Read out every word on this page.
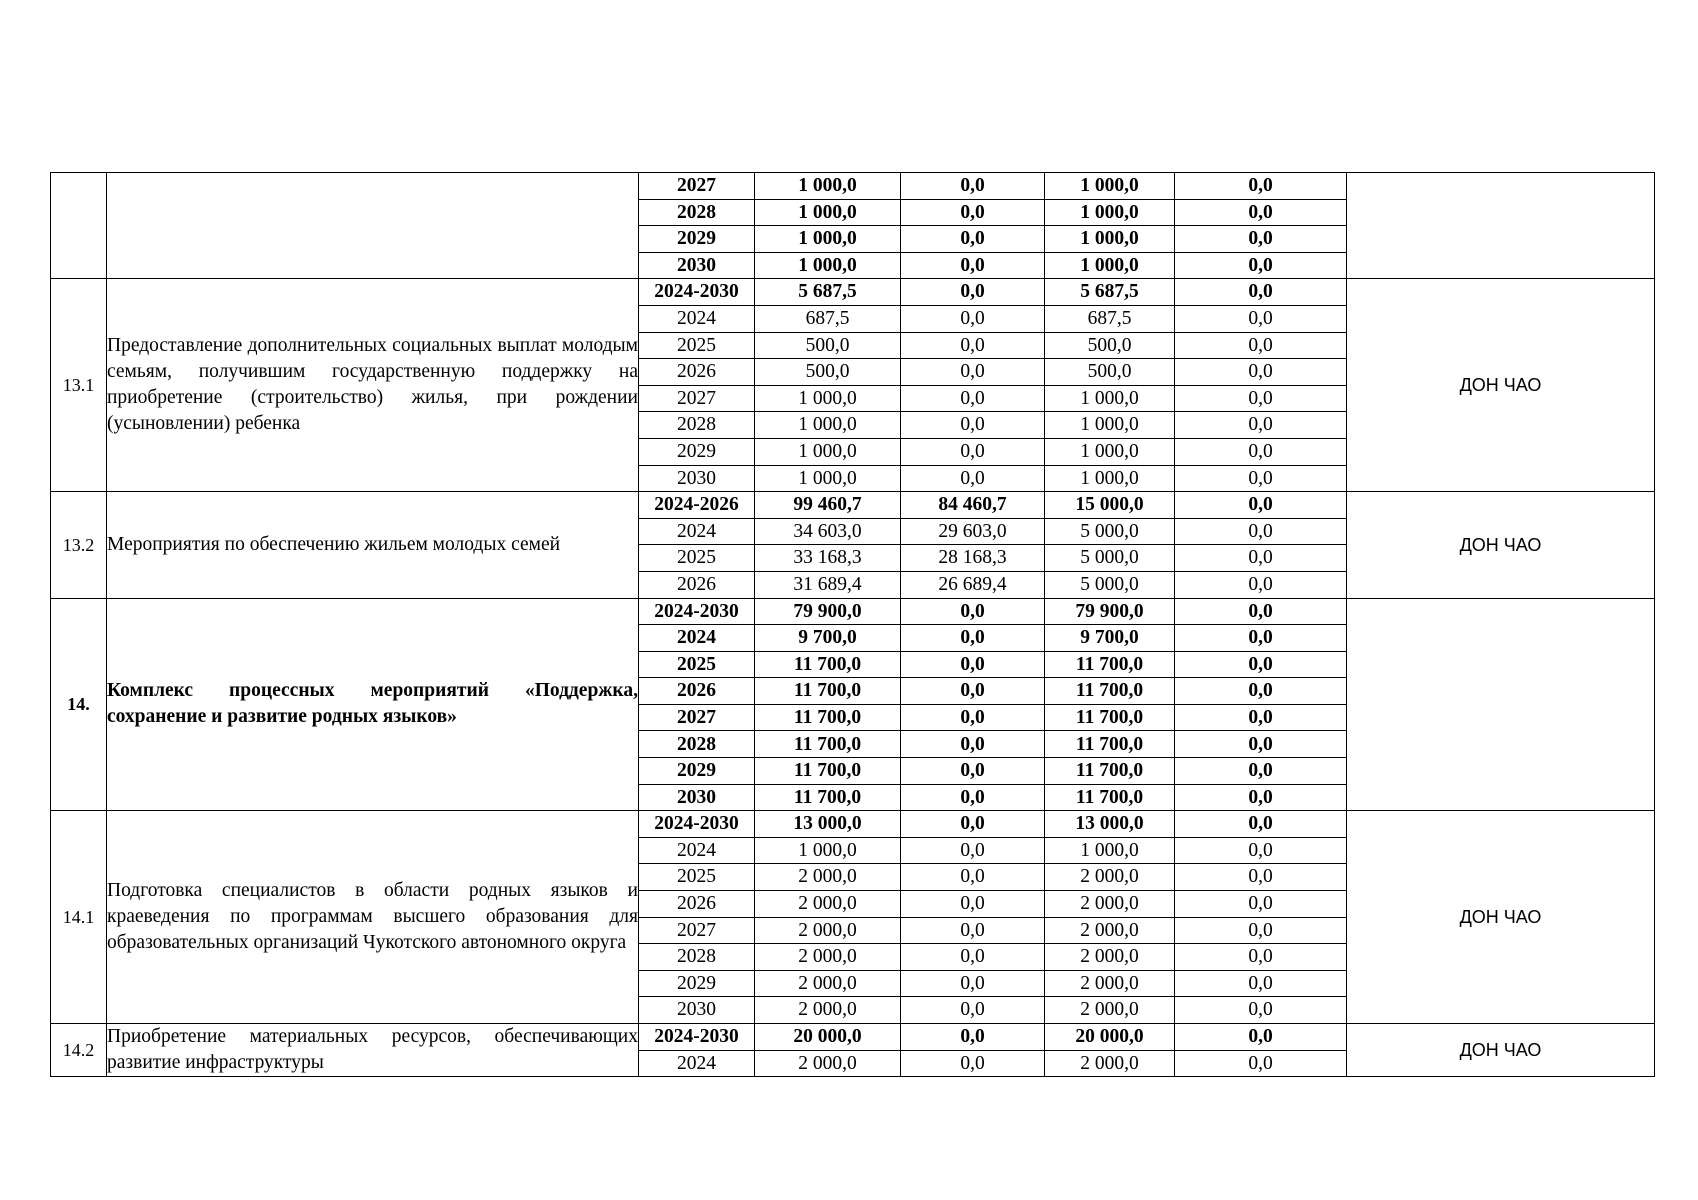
		2027	1 000,0	0,0	1 000,0	0,0	
		2028	1 000,0	0,0	1 000,0	0,0	
		2029	1 000,0	0,0	1 000,0	0,0	
		2030	1 000,0	0,0	1 000,0	0,0	
13.1	Предоставление дополнительных социальных выплат молодым семьям, получившим государственную поддержку на приобретение (строительство) жилья, при рождении (усыновлении) ребенка	2024-2030	5 687,5	0,0	5 687,5	0,0	ДОН ЧАО
		2024	687,5	0,0	687,5	0,0	
		2025	500,0	0,0	500,0	0,0	
		2026	500,0	0,0	500,0	0,0	
		2027	1 000,0	0,0	1 000,0	0,0	
		2028	1 000,0	0,0	1 000,0	0,0	
		2029	1 000,0	0,0	1 000,0	0,0	
		2030	1 000,0	0,0	1 000,0	0,0	
13.2	Мероприятия по обеспечению жильем молодых семей	2024-2026	99 460,7	84 460,7	15 000,0	0,0	ДОН ЧАО
		2024	34 603,0	29 603,0	5 000,0	0,0	
		2025	33 168,3	28 168,3	5 000,0	0,0	
		2026	31 689,4	26 689,4	5 000,0	0,0	
14.	Комплекс процессных мероприятий «Поддержка, сохранение и развитие родных языков»	2024-2030	79 900,0	0,0	79 900,0	0,0	
		2024	9 700,0	0,0	9 700,0	0,0	
		2025	11 700,0	0,0	11 700,0	0,0	
		2026	11 700,0	0,0	11 700,0	0,0	
		2027	11 700,0	0,0	11 700,0	0,0	
		2028	11 700,0	0,0	11 700,0	0,0	
		2029	11 700,0	0,0	11 700,0	0,0	
		2030	11 700,0	0,0	11 700,0	0,0	
14.1	Подготовка специалистов в области родных языков и краеведения по программам высшего образования для образовательных организаций Чукотского автономного округа	2024-2030	13 000,0	0,0	13 000,0	0,0	ДОН ЧАО
		2024	1 000,0	0,0	1 000,0	0,0	
		2025	2 000,0	0,0	2 000,0	0,0	
		2026	2 000,0	0,0	2 000,0	0,0	
		2027	2 000,0	0,0	2 000,0	0,0	
		2028	2 000,0	0,0	2 000,0	0,0	
		2029	2 000,0	0,0	2 000,0	0,0	
		2030	2 000,0	0,0	2 000,0	0,0	
14.2	Приобретение материальных ресурсов, обеспечивающих развитие инфраструктуры	2024-2030	20 000,0	0,0	20 000,0	0,0	ДОН ЧАО
		2024	2 000,0	0,0	2 000,0	0,0	
